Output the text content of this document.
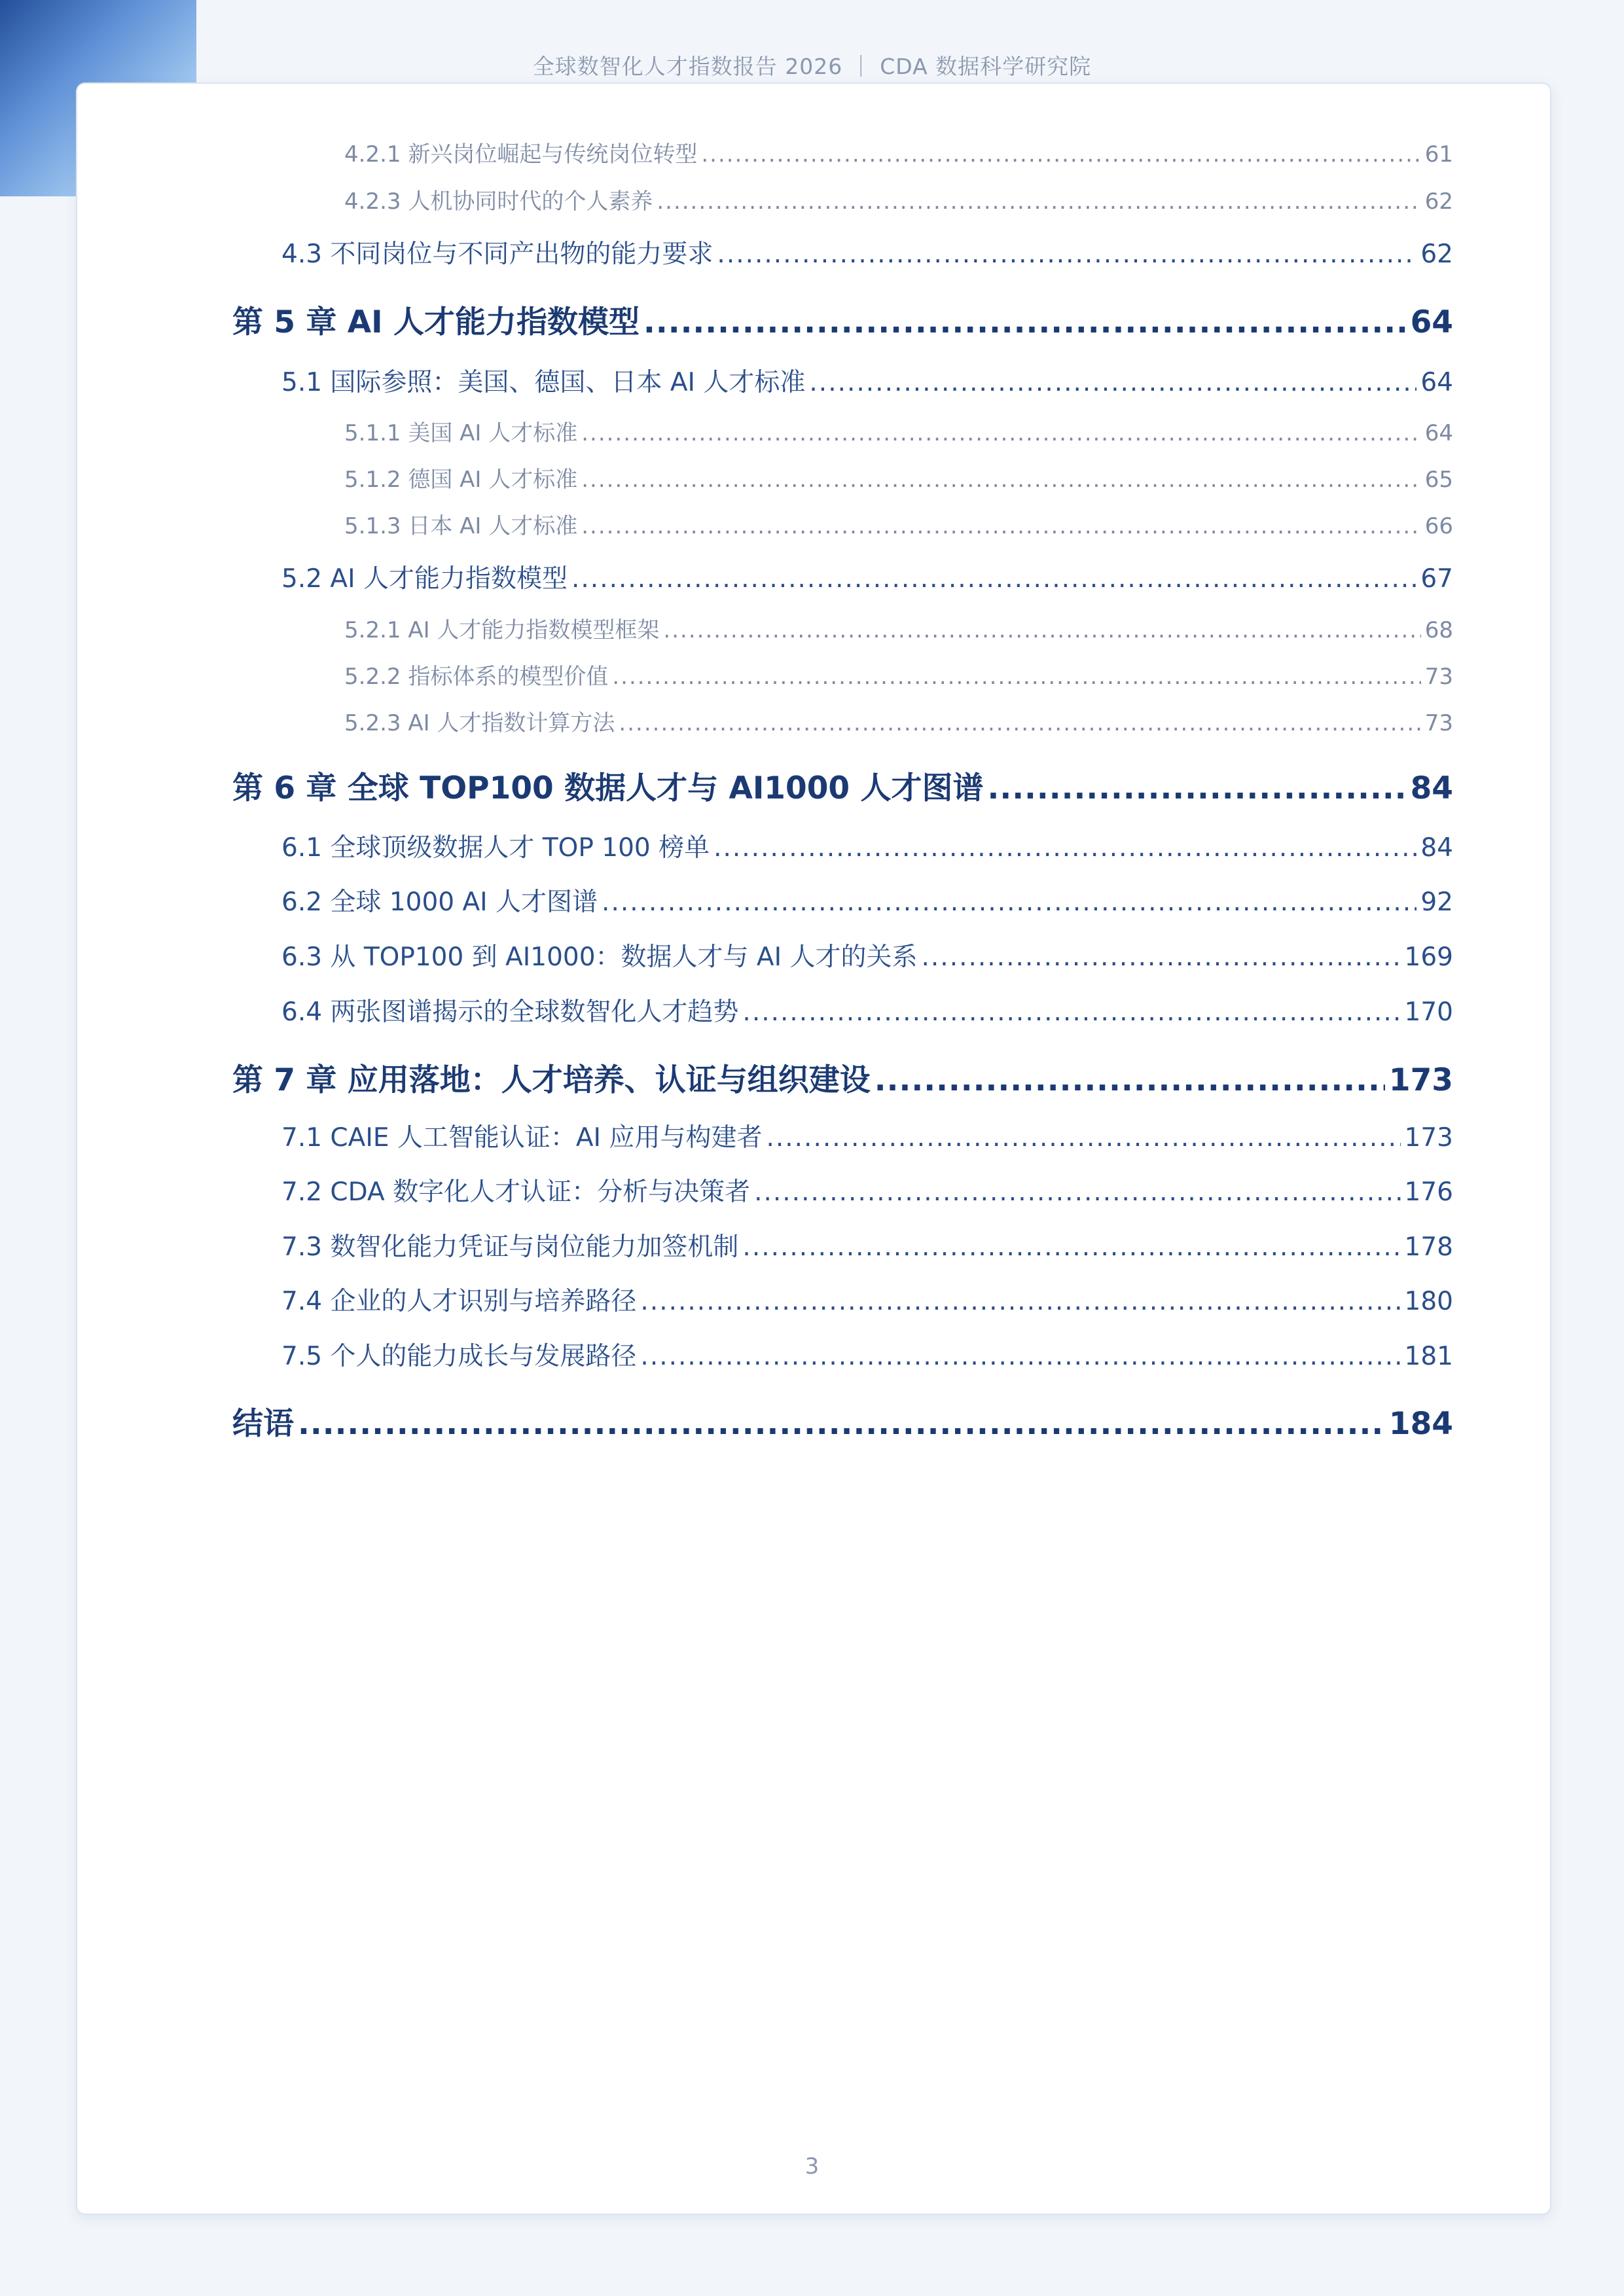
全球数智化人才指数报告 2026 ｜ CDA 数据科学研究院
4.2.1 新兴岗位崛起与传统岗位转型 .....	61
4.2.3 人机协同时代的个人素养 .....	62
4.3 不同岗位与不同产出物的能力要求 .....	62
第 5 章 AI 人才能力指数模型 .....	64
5.1 国际参照：美国、德国、日本 AI 人才标准 .....	64
5.1.1 美国 AI 人才标准 .....	64
5.1.2 德国 AI 人才标准 .....	65
5.1.3 日本 AI 人才标准 .....	66
5.2 AI 人才能力指数模型 .....	67
5.2.1 AI 人才能力指数模型框架 .....	68
5.2.2 指标体系的模型价值 .....	73
5.2.3 AI 人才指数计算方法 .....	73
第 6 章 全球 TOP100 数据人才与 AI1000 人才图谱 .....	84
6.1 全球顶级数据人才 TOP 100 榜单 .....	84
6.2 全球 1000 AI 人才图谱 .....	92
6.3 从 TOP100 到 AI1000：数据人才与 AI 人才的关系 .....	169
6.4 两张图谱揭示的全球数智化人才趋势 .....	170
第 7 章 应用落地：人才培养、认证与组织建设 .....	173
7.1 CAIE 人工智能认证：AI 应用与构建者 .....	173
7.2 CDA 数字化人才认证：分析与决策者 .....	176
7.3 数智化能力凭证与岗位能力加签机制 .....	178
7.4 企业的人才识别与培养路径 .....	180
7.5 个人的能力成长与发展路径 .....	181
结语 .....	184
3
